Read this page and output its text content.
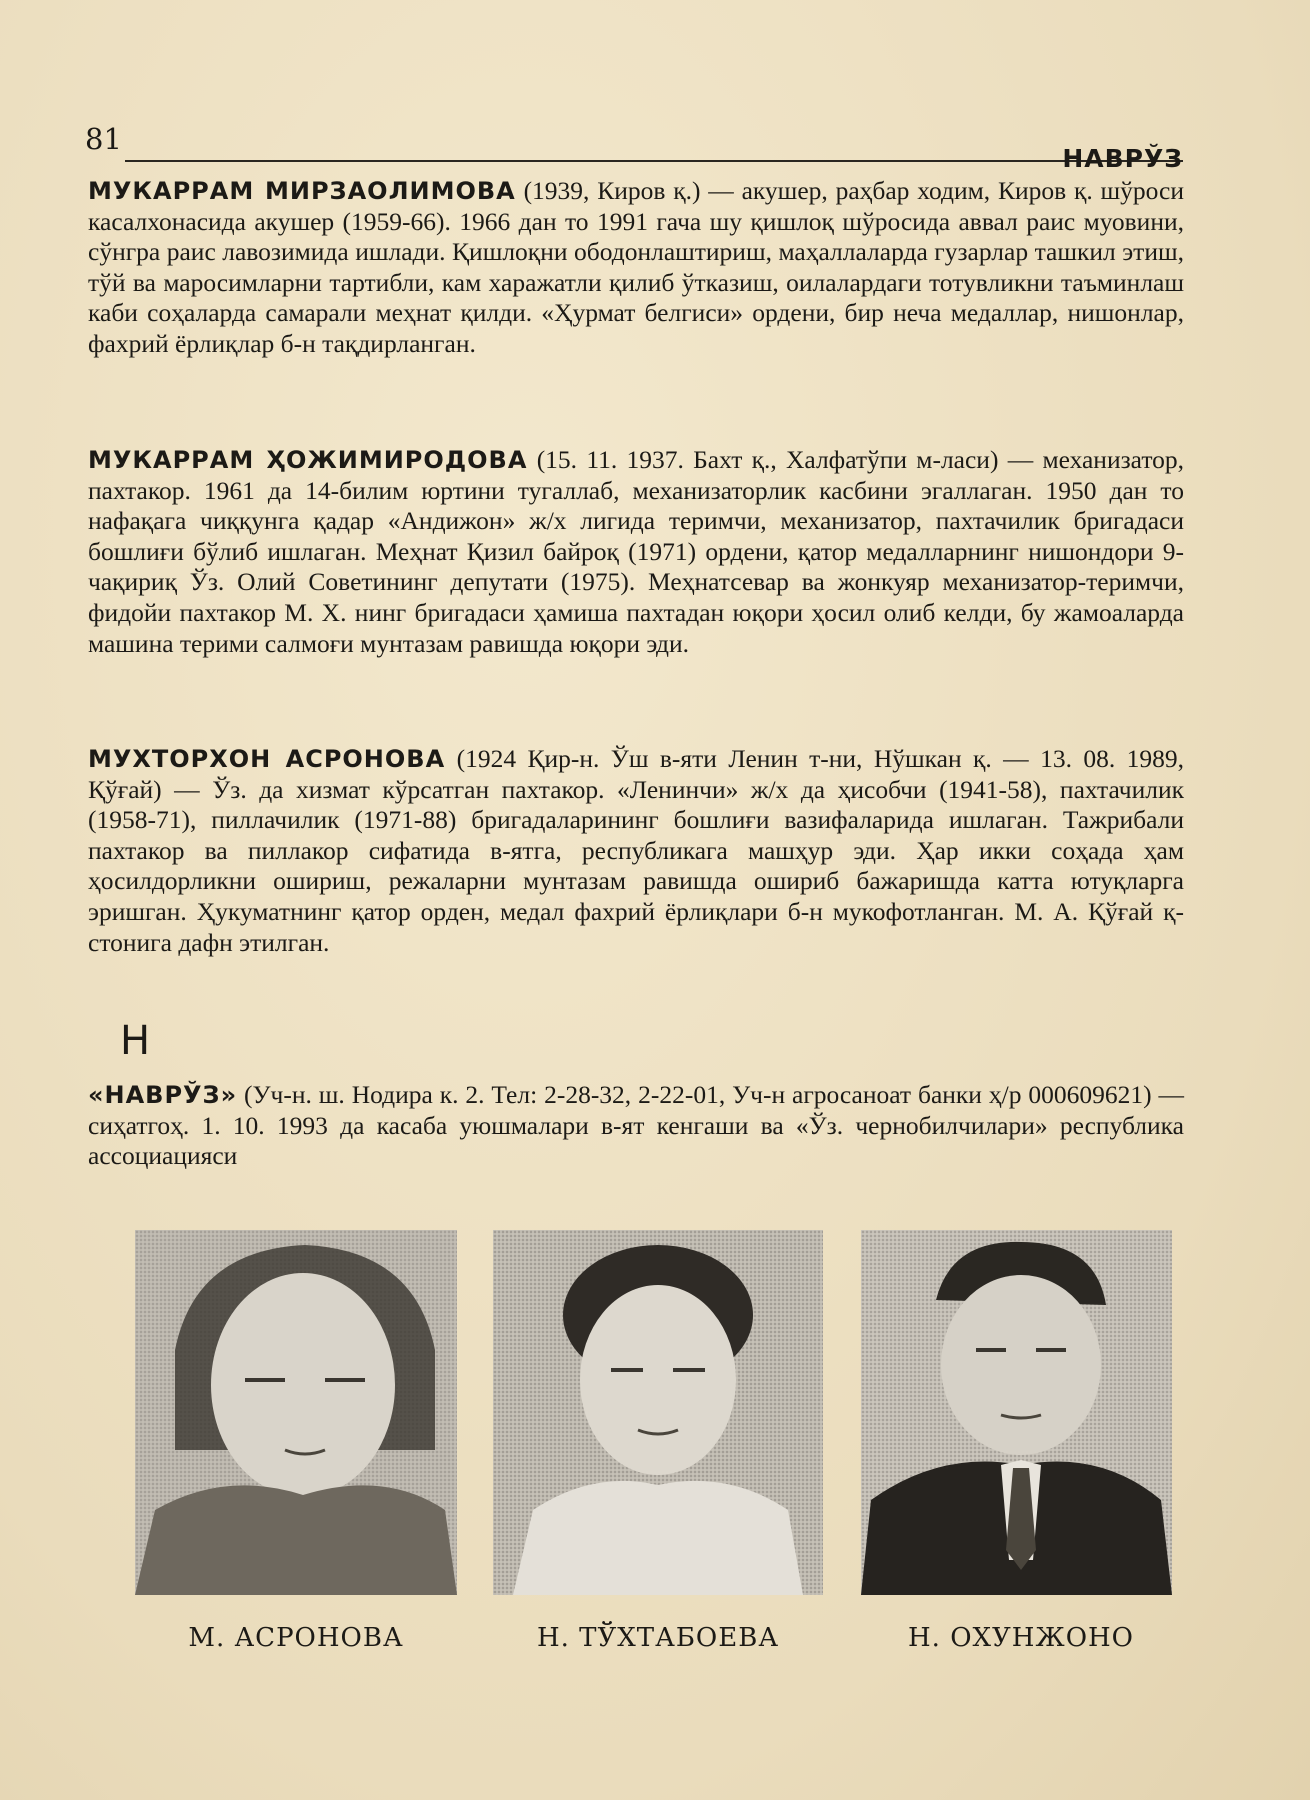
81
НАВРЎЗ
МУКАРРАМ МИРЗАОЛИМОВА (1939, Киров қ.) — акушер, раҳбар ходим, Киров қ. шўроси касалхонасида акушер (1959-66). 1966 дан то 1991 гача шу қишлоқ шўросида аввал раис муовини, сўнгра раис лавозимида ишлади. Қишлоқни ободонлаштириш, маҳаллаларда гузарлар ташкил этиш, тўй ва маросимларни тартибли, кам харажатли қилиб ўтказиш, оилалардаги тотувликни таъминлаш каби соҳаларда самарали меҳнат қилди. «Ҳурмат белгиси» ордени, бир неча медаллар, нишонлар, фахрий ёрлиқлар б-н тақдирланган.
МУКАРРАМ ҲОЖИМИРОДОВА (15. 11. 1937. Бахт қ., Халфатўпи м-ласи) — механизатор, пахтакор. 1961 да 14-билим юртини тугаллаб, механизаторлик касбини эгаллаган. 1950 дан то нафақага чиққунга қадар «Андижон» ж/х лигида теримчи, механизатор, пахтачилик бригадаси бошлиғи бўлиб ишлаган. Меҳнат Қизил байроқ (1971) ордени, қатор медалларнинг нишондори 9-чақириқ Ўз. Олий Советининг депутати (1975). Меҳнатсевар ва жонкуяр механизатор-теримчи, фидойи пахтакор М. Х. нинг бригадаси ҳамиша пахтадан юқори ҳосил олиб келди, бу жамоаларда машина терими салмоғи мунтазам равишда юқори эди.
МУХТОРХОН АСРОНОВА (1924 Қир-н. Ўш в-яти Ленин т-ни, Нўшкан қ. — 13. 08. 1989, Қўғай) — Ўз. да хизмат кўрсатган пахтакор. «Ленинчи» ж/х да ҳисобчи (1941-58), пахтачилик (1958-71), пиллачилик (1971-88) бригадаларининг бошлиғи вазифаларида ишлаган. Тажрибали пахтакор ва пиллакор сифатида в-ятга, республикага машҳур эди. Ҳар икки соҳада ҳам ҳосилдорликни ошириш, режаларни мунтазам равишда ошириб бажаришда катта ютуқларга эришган. Ҳукуматнинг қатор орден, медал фахрий ёрлиқлари б-н мукофотланган. М. А. Қўғай қ-стонига дафн этилган.
Н
«НАВРЎЗ» (Уч-н. ш. Нодира к. 2. Тел: 2-28-32, 2-22-01, Уч-н агросаноат банки ҳ/р 000609621) — сиҳатгоҳ. 1. 10. 1993 да касаба уюшмалари в-ят кенгаши ва «Ўз. чернобилчилари» республика ассоциацияси
М. АСРОНОВА	Н. ТЎХТАБОЕВА	Н. ОХУНЖОНО
